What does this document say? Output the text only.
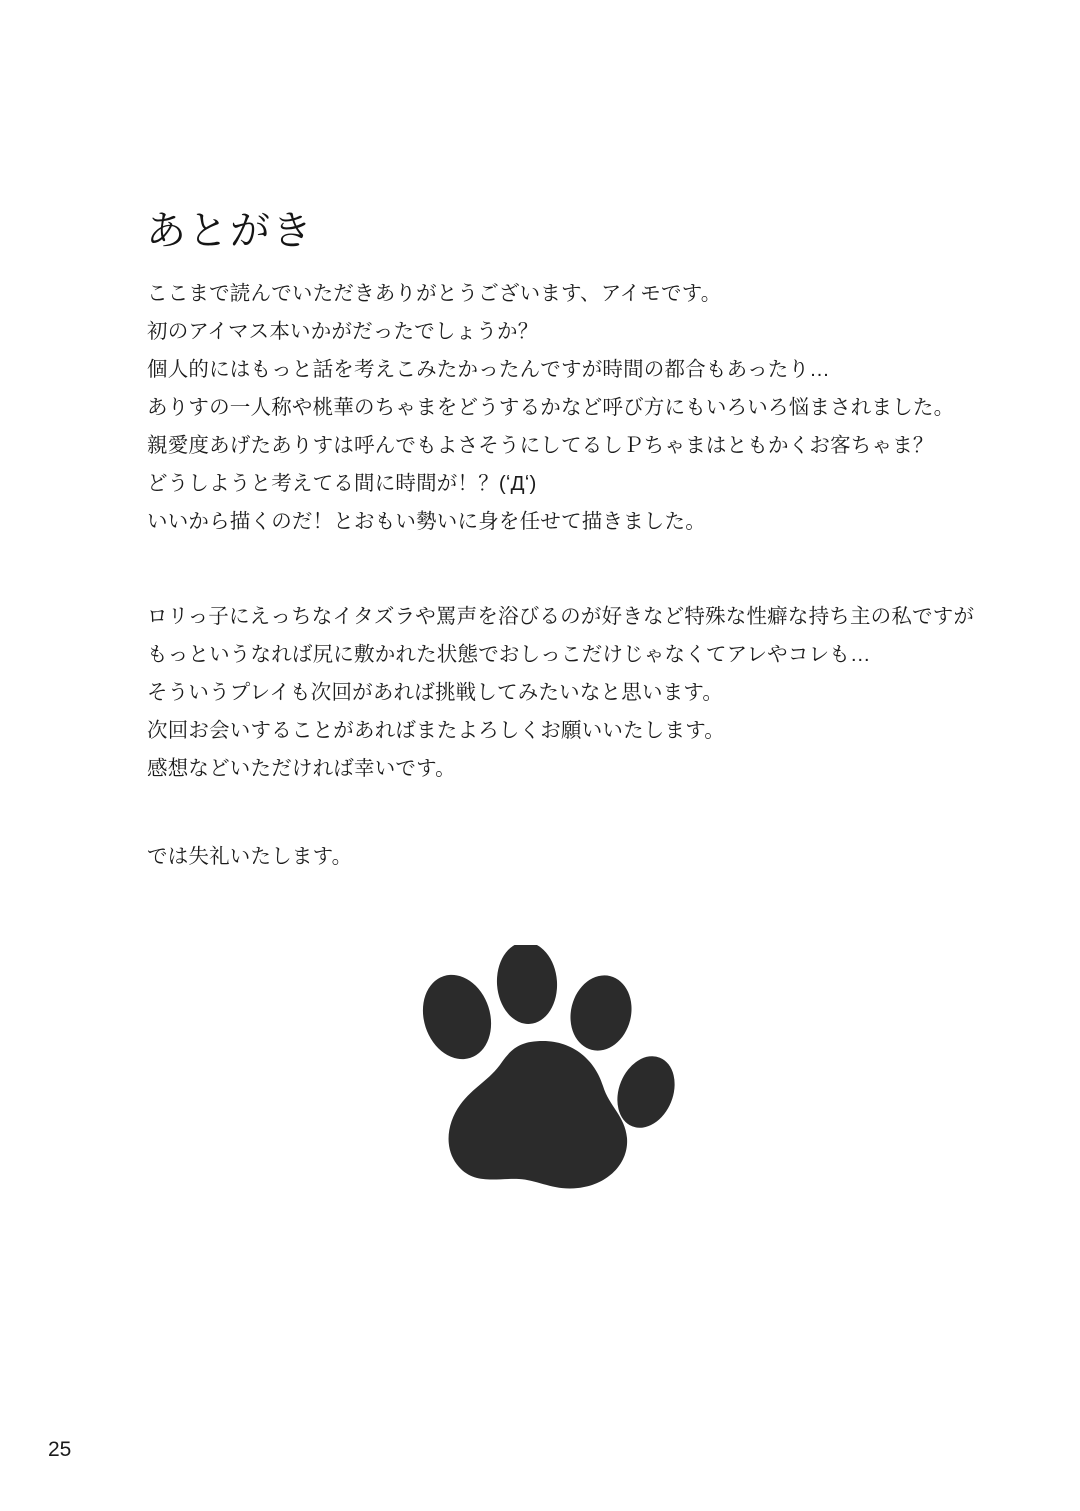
あとがき

ここまで読んでいただきありがとうございます、アイモです。

初のアイマス本いかがだったでしょうか？

個人的にはもっと話を考えこみたかったんですが時間の都合もあったり…

ありすの一人称や桃華のちゃまをどうするかなど呼び方にもいろいろ悩まされました。

親愛度あげたありすは呼んでもよさそうにしてるしＰちゃまはともかくお客ちゃま？

どうしようと考えてる間に時間が！？(ʻДʻ)

いいから描くのだ！とおもい勢いに身を任せて描きました。

ロリっ子にえっちなイタズラや罵声を浴びるのが好きなど特殊な性癖な持ち主の私ですが

もっというなれば尻に敷かれた状態でおしっこだけじゃなくてアレやコレも…

そういうプレイも次回があれば挑戦してみたいなと思います。

次回お会いすることがあればまたよろしくお願いいたします。

感想などいただければ幸いです。

では失礼いたします。

25
